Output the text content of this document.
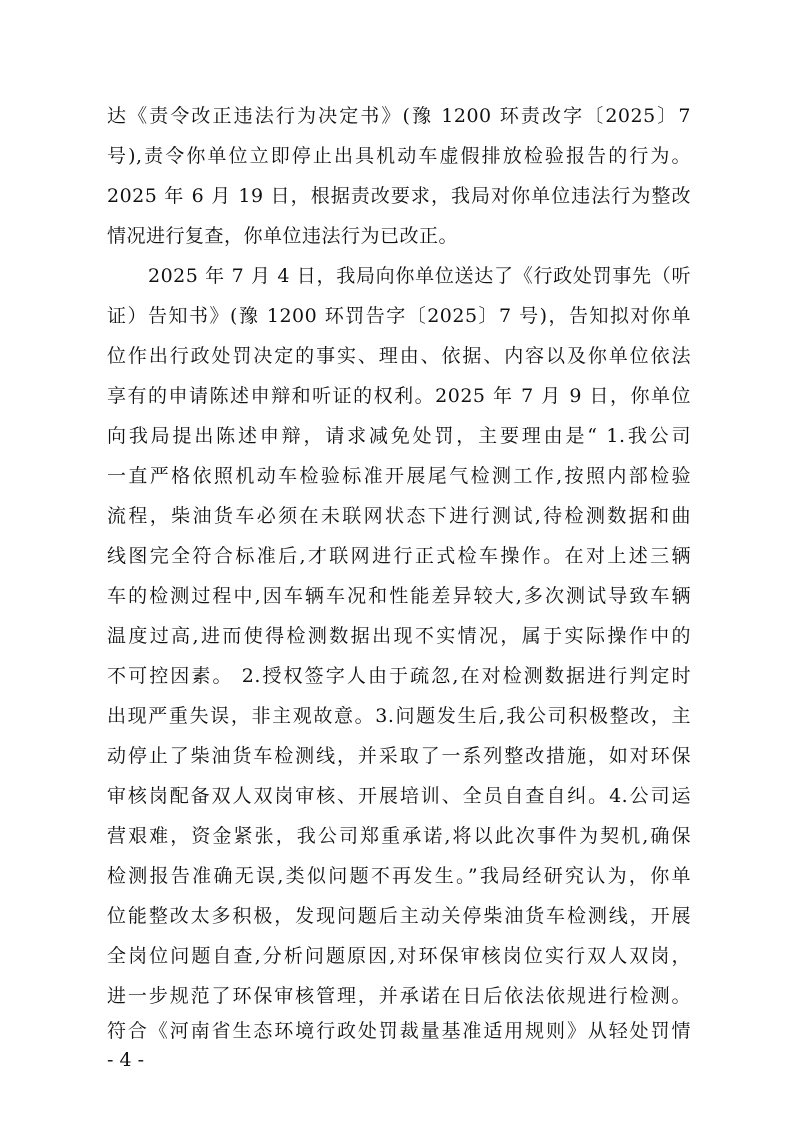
达《责令改正违法行为决定书》(豫 1200 环责改字〔2025〕7
号),责令你单位立即停止出具机动车虚假排放检验报告的行为。
2025 年 6 月 19 日，根据责改要求，我局对你单位违法行为整改
情况进行复查，你单位违法行为已改正。
2025 年 7 月 4 日，我局向你单位送达了《行政处罚事先（听
证）告知书》(豫 1200 环罚告字〔2025〕7 号)，告知拟对你单
位作出行政处罚决定的事实、理由、依据、内容以及你单位依法
享有的申请陈述申辩和听证的权利。2025 年 7 月 9 日，你单位
向我局提出陈述申辩，请求减免处罚，主要理由是“ 1.我公司
一直严格依照机动车检验标准开展尾气检测工作,按照内部检验
流程，柴油货车必须在未联网状态下进行测试,待检测数据和曲
线图完全符合标准后,才联网进行正式检车操作。在对上述三辆
车的检测过程中,因车辆车况和性能差异较大,多次测试导致车辆
温度过高,进而使得检测数据出现不实情况，属于实际操作中的
不可控因素。 2.授权签字人由于疏忽,在对检测数据进行判定时
出现严重失误，非主观故意。3.问题发生后,我公司积极整改，主
动停止了柴油货车检测线，并采取了一系列整改措施，如对环保
审核岗配备双人双岗审核、开展培训、全员自查自纠。4.公司运
营艰难，资金紧张，我公司郑重承诺,将以此次事件为契机,确保
检测报告准确无误,类似问题不再发生。”我局经研究认为，你单
位能整改太多积极，发现问题后主动关停柴油货车检测线，开展
全岗位问题自查,分析问题原因,对环保审核岗位实行双人双岗，
进一步规范了环保审核管理，并承诺在日后依法依规进行检测。
符合《河南省生态环境行政处罚裁量基准适用规则》从轻处罚情
- 4 -
